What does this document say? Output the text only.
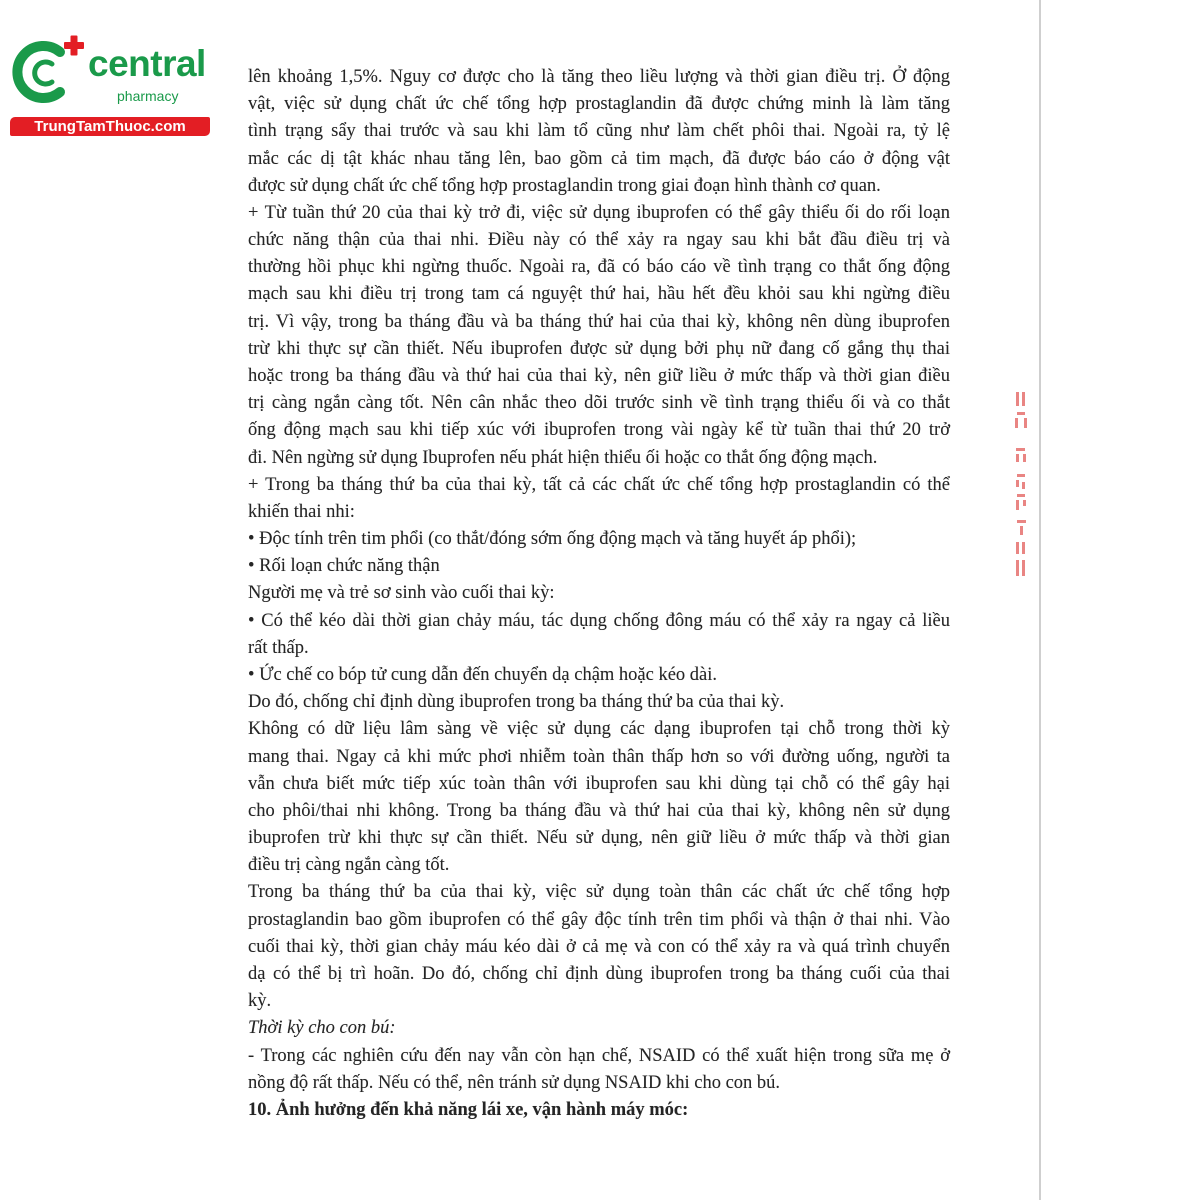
central
pharmacy
TrungTamThuoc.com
lên khoảng 1,5%. Nguy cơ được cho là tăng theo liều lượng và thời gian điều trị. Ở động
vật, việc sử dụng chất ức chế tổng hợp prostaglandin đã được chứng minh là làm tăng
tình trạng sẩy thai trước và sau khi làm tổ cũng như làm chết phôi thai. Ngoài ra, tỷ lệ
mắc các dị tật khác nhau tăng lên, bao gồm cả tim mạch, đã được báo cáo ở động vật
được sử dụng chất ức chế tổng hợp prostaglandin trong giai đoạn hình thành cơ quan.
+ Từ tuần thứ 20 của thai kỳ trở đi, việc sử dụng ibuprofen có thể gây thiểu ối do rối loạn
chức năng thận của thai nhi. Điều này có thể xảy ra ngay sau khi bắt đầu điều trị và
thường hồi phục khi ngừng thuốc. Ngoài ra, đã có báo cáo về tình trạng co thắt ống động
mạch sau khi điều trị trong tam cá nguyệt thứ hai, hầu hết đều khỏi sau khi ngừng điều
trị. Vì vậy, trong ba tháng đầu và ba tháng thứ hai của thai kỳ, không nên dùng ibuprofen
trừ khi thực sự cần thiết. Nếu ibuprofen được sử dụng bởi phụ nữ đang cố gắng thụ thai
hoặc trong ba tháng đầu và thứ hai của thai kỳ, nên giữ liều ở mức thấp và thời gian điều
trị càng ngắn càng tốt. Nên cân nhắc theo dõi trước sinh về tình trạng thiểu ối và co thắt
ống động mạch sau khi tiếp xúc với ibuprofen trong vài ngày kể từ tuần thai thứ 20 trở
đi. Nên ngừng sử dụng Ibuprofen nếu phát hiện thiểu ối hoặc co thắt ống động mạch.
+ Trong ba tháng thứ ba của thai kỳ, tất cả các chất ức chế tổng hợp prostaglandin có thể
khiến thai nhi:
• Độc tính trên tim phổi (co thắt/đóng sớm ống động mạch và tăng huyết áp phổi);
• Rối loạn chức năng thận
Người mẹ và trẻ sơ sinh vào cuối thai kỳ:
• Có thể kéo dài thời gian chảy máu, tác dụng chống đông máu có thể xảy ra ngay cả liều
rất thấp.
• Ức chế co bóp tử cung dẫn đến chuyển dạ chậm hoặc kéo dài.
Do đó, chống chỉ định dùng ibuprofen trong ba tháng thứ ba của thai kỳ.
Không có dữ liệu lâm sàng về việc sử dụng các dạng ibuprofen tại chỗ trong thời kỳ
mang thai. Ngay cả khi mức phơi nhiễm toàn thân thấp hơn so với đường uống, người ta
vẫn chưa biết mức tiếp xúc toàn thân với ibuprofen sau khi dùng tại chỗ có thể gây hại
cho phôi/thai nhi không. Trong ba tháng đầu và thứ hai của thai kỳ, không nên sử dụng
ibuprofen trừ khi thực sự cần thiết. Nếu sử dụng, nên giữ liều ở mức thấp và thời gian
điều trị càng ngắn càng tốt.
Trong ba tháng thứ ba của thai kỳ, việc sử dụng toàn thân các chất ức chế tổng hợp
prostaglandin bao gồm ibuprofen có thể gây độc tính trên tim phổi và thận ở thai nhi. Vào
cuối thai kỳ, thời gian chảy máu kéo dài ở cả mẹ và con có thể xảy ra và quá trình chuyển
dạ có thể bị trì hoãn. Do đó, chống chỉ định dùng ibuprofen trong ba tháng cuối của thai
kỳ.
Thời kỳ cho con bú:
- Trong các nghiên cứu đến nay vẫn còn hạn chế, NSAID có thể xuất hiện trong sữa mẹ ở
nồng độ rất thấp. Nếu có thể, nên tránh sử dụng NSAID khi cho con bú.
10. Ảnh hưởng đến khả năng lái xe, vận hành máy móc:
